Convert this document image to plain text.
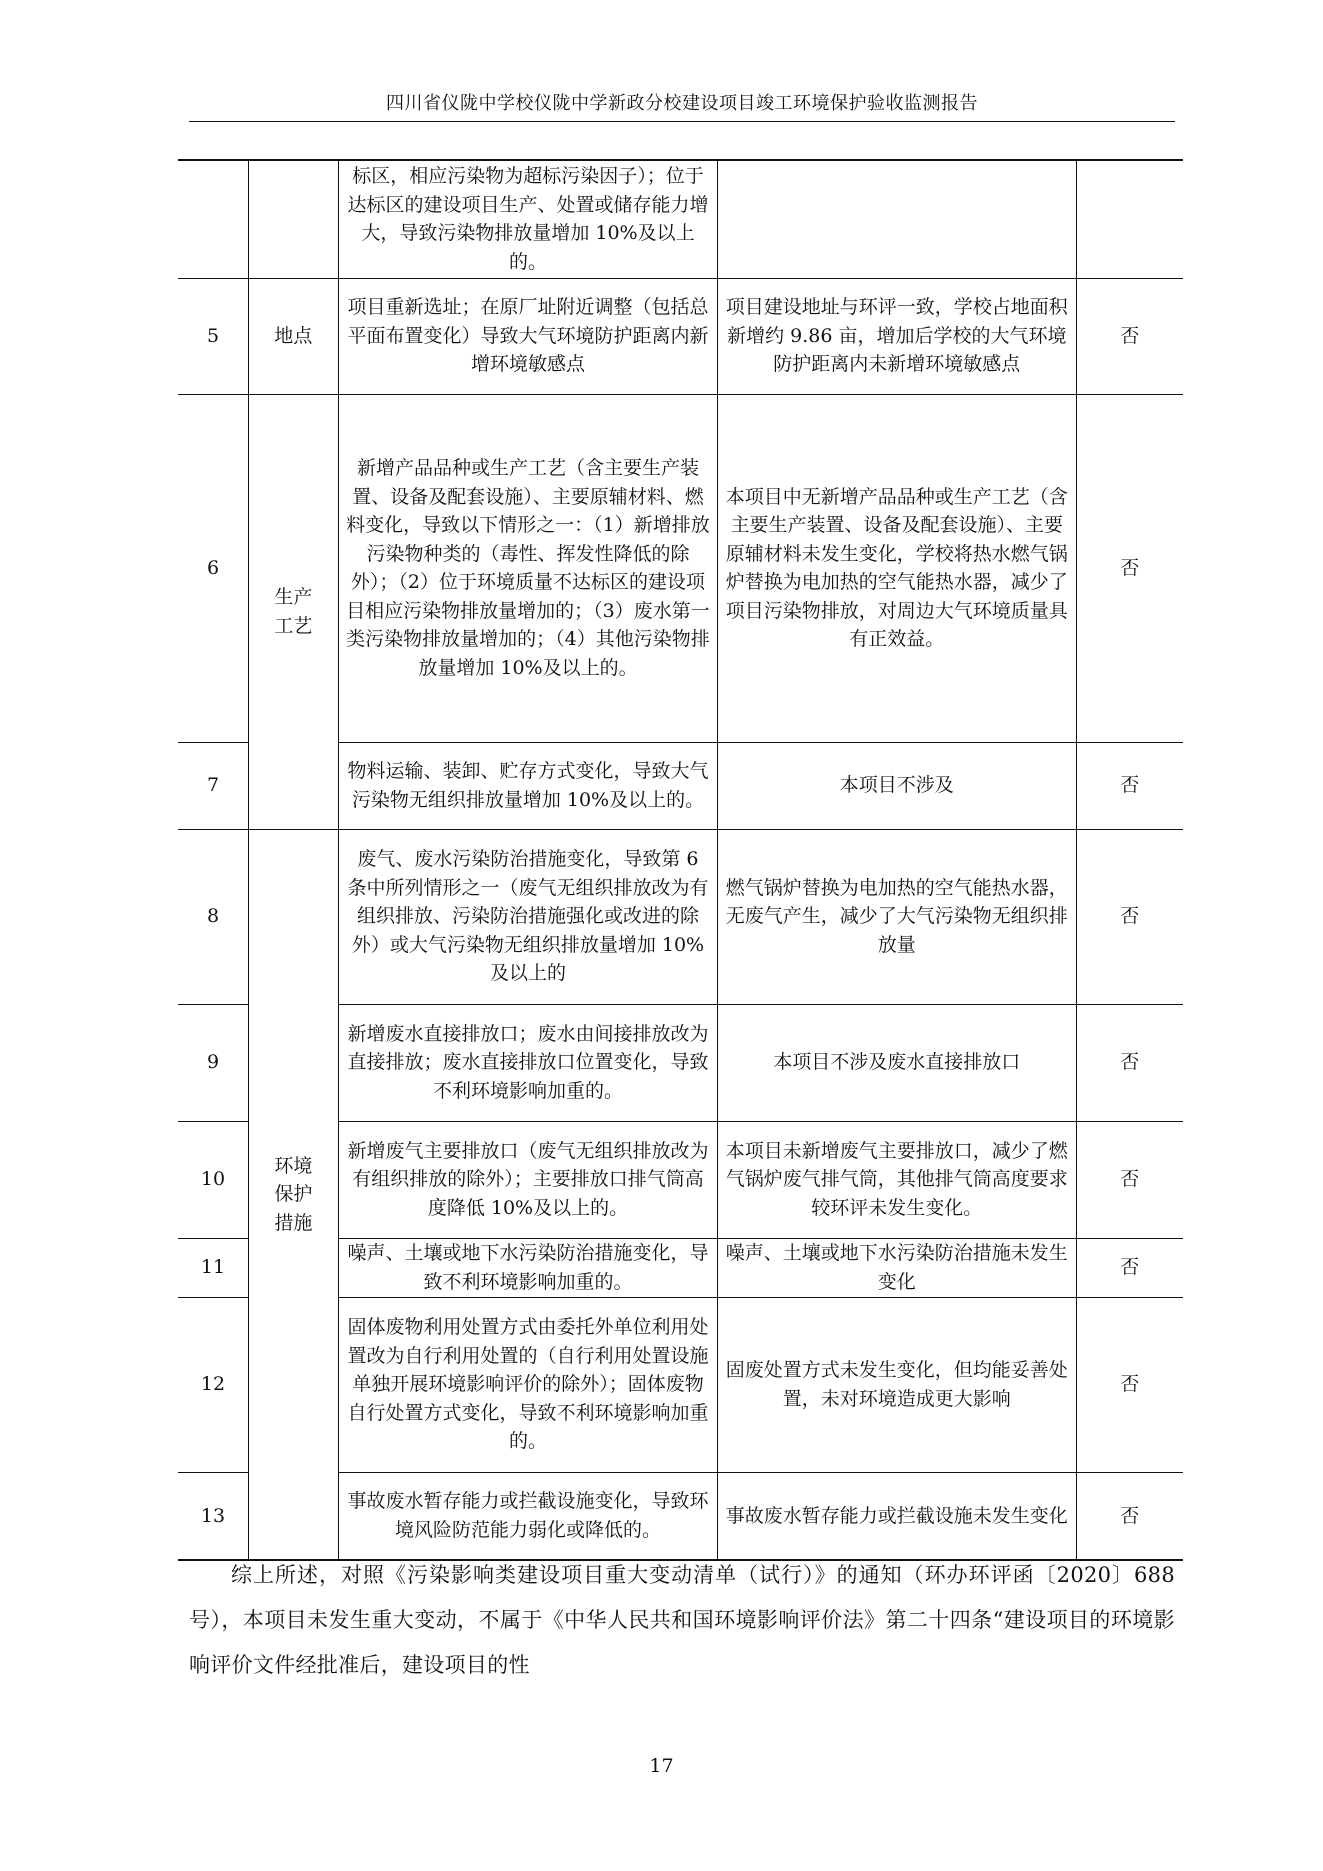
四川省仪陇中学校仪陇中学新政分校建设项目竣工环境保护验收监测报告
		标区，相应污染物为超标污染因子）；位于达标区的建设项目生产、处置或储存能力增大，导致污染物排放量增加 10%及以上的。		
5	地点	项目重新选址；在原厂址附近调整（包括总平面布置变化）导致大气环境防护距离内新增环境敏感点	项目建设地址与环评一致，学校占地面积新增约 9.86 亩，增加后学校的大气环境防护距离内未新增环境敏感点	否
6	生产工艺	新增产品品种或生产工艺（含主要生产装置、设备及配套设施）、主要原辅材料、燃料变化，导致以下情形之一：（1）新增排放污染物种类的（毒性、挥发性降低的除外）；（2）位于环境质量不达标区的建设项目相应污染物排放量增加的；（3）废水第一类污染物排放量增加的；（4）其他污染物排放量增加 10%及以上的。	本项目中无新增产品品种或生产工艺（含主要生产装置、设备及配套设施）、主要原辅材料未发生变化，学校将热水燃气锅炉替换为电加热的空气能热水器，减少了项目污染物排放，对周边大气环境质量具有正效益。	否
7		物料运输、装卸、贮存方式变化，导致大气污染物无组织排放量增加 10%及以上的。	本项目不涉及	否
8	环境保护措施	废气、废水污染防治措施变化，导致第 6 条中所列情形之一（废气无组织排放改为有组织排放、污染防治措施强化或改进的除外）或大气污染物无组织排放量增加 10%及以上的	燃气锅炉替换为电加热的空气能热水器，无废气产生，减少了大气污染物无组织排放量	否
9		新增废水直接排放口；废水由间接排放改为直接排放；废水直接排放口位置变化，导致不利环境影响加重的。	本项目不涉及废水直接排放口	否
10		新增废气主要排放口（废气无组织排放改为有组织排放的除外）；主要排放口排气筒高度降低 10%及以上的。	本项目未新增废气主要排放口，减少了燃气锅炉废气排气筒，其他排气筒高度要求较环评未发生变化。	否
11		噪声、土壤或地下水污染防治措施变化，导致不利环境影响加重的。	噪声、土壤或地下水污染防治措施未发生变化	否
12		固体废物利用处置方式由委托外单位利用处置改为自行利用处置的（自行利用处置设施单独开展环境影响评价的除外）；固体废物自行处置方式变化，导致不利环境影响加重的。	固废处置方式未发生变化，但均能妥善处置，未对环境造成更大影响	否
13		事故废水暂存能力或拦截设施变化，导致环境风险防范能力弱化或降低的。	事故废水暂存能力或拦截设施未发生变化	否
综上所述，对照《污染影响类建设项目重大变动清单（试行）》的通知（环办环评函〔2020〕688 号），本项目未发生重大变动，不属于《中华人民共和国环境影响评价法》第二十四条“建设项目的环境影响评价文件经批准后，建设项目的性
17
